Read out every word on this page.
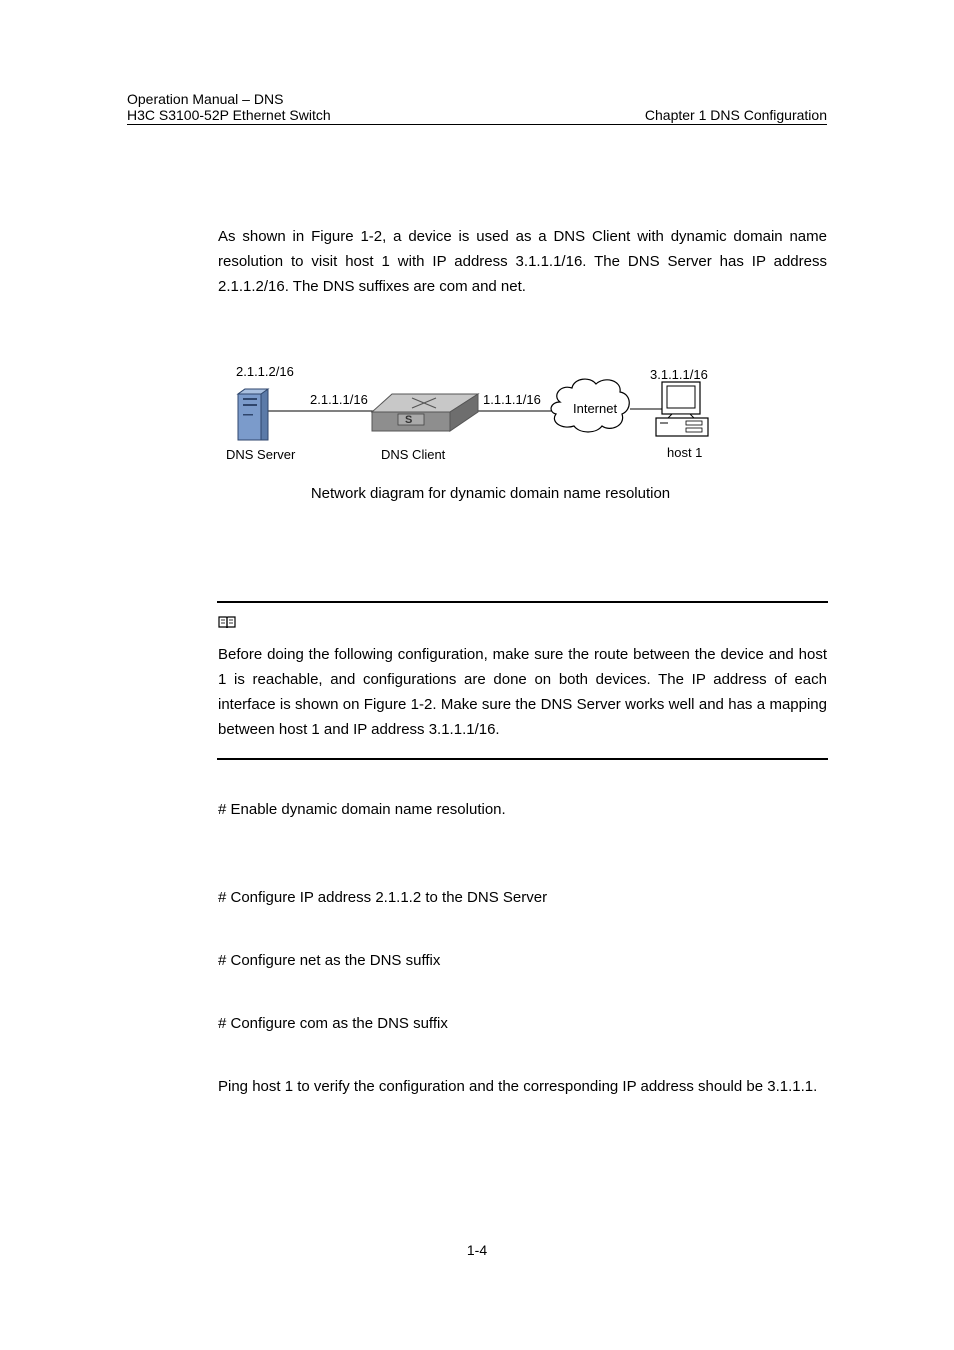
Operation Manual – DNS
H3C S3100-52P Ethernet Switch	Chapter 1 DNS Configuration
As shown in Figure 1-2, a device is used as a DNS Client with dynamic domain name resolution to visit host 1 with IP address 3.1.1.1/16. The DNS Server has IP address 2.1.1.2/16. The DNS suffixes are com and net.
2.1.1.2/16
DNS Server
2.1.1.1/16	1.1.1.1/16
DNS Client
S
Internet
3.1.1.1/16
host 1
Network diagram for dynamic domain name resolution
Before doing the following configuration, make sure the route between the device and host 1 is reachable, and configurations are done on both devices. The IP address of each interface is shown on Figure 1-2. Make sure the DNS Server works well and has a mapping between host 1 and IP address 3.1.1.1/16.
# Enable dynamic domain name resolution.
# Configure IP address 2.1.1.2 to the DNS Server
# Configure net as the DNS suffix
# Configure com as the DNS suffix
Ping host 1 to verify the configuration and the corresponding IP address should be 3.1.1.1.
1-4
